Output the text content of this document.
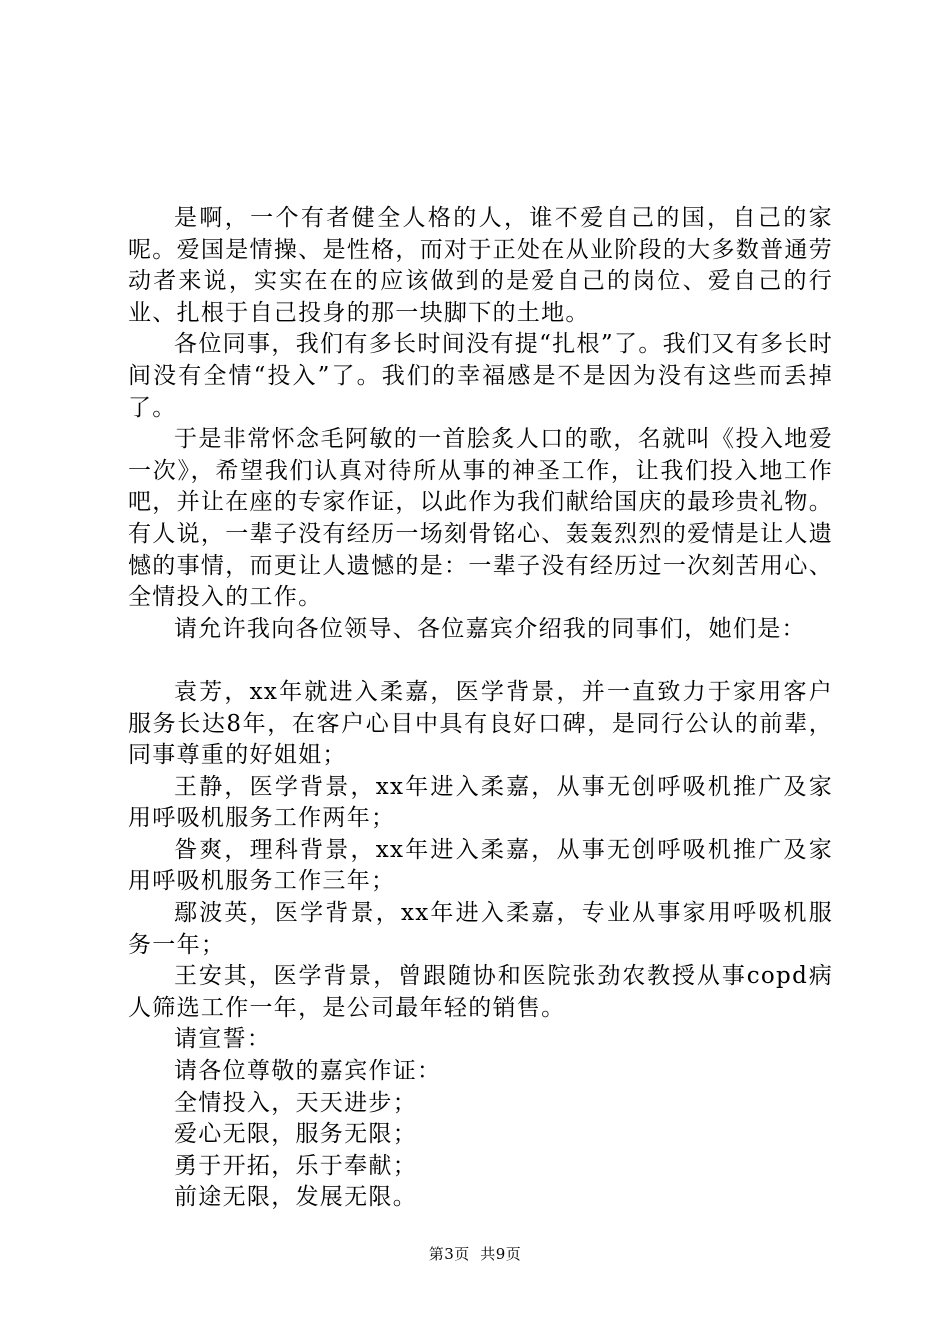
是啊，一个有者健全人格的人，谁不爱自己的国，自己的家呢。爱国是情操、是性格，而对于正处在从业阶段的大多数普通劳动者来说，实实在在的应该做到的是爱自己的岗位、爱自己的行业、扎根于自己投身的那一块脚下的土地。

各位同事，我们有多长时间没有提“扎根”了。我们又有多长时间没有全情“投入”了。我们的幸福感是不是因为没有这些而丢掉了。

于是非常怀念毛阿敏的一首脍炙人口的歌，名就叫《投入地爱一次》，希望我们认真对待所从事的神圣工作，让我们投入地工作吧，并让在座的专家作证，以此作为我们献给国庆的最珍贵礼物。有人说，一辈子没有经历一场刻骨铭心、轰轰烈烈的爱情是让人遗憾的事情，而更让人遗憾的是：一辈子没有经历过一次刻苦用心、全情投入的工作。

请允许我向各位领导、各位嘉宾介绍我的同事们，她们是：

袁芳，xx年就进入柔嘉，医学背景，并一直致力于家用客户服务长达8年，在客户心目中具有良好口碑，是同行公认的前辈，同事尊重的好姐姐；

王静，医学背景，xx年进入柔嘉，从事无创呼吸机推广及家用呼吸机服务工作两年；

昝爽，理科背景，xx年进入柔嘉，从事无创呼吸机推广及家用呼吸机服务工作三年；

鄢波英，医学背景，xx年进入柔嘉，专业从事家用呼吸机服务一年；

王安其，医学背景，曾跟随协和医院张劲农教授从事copd病人筛选工作一年，是公司最年轻的销售。

请宣誓：

请各位尊敬的嘉宾作证：

全情投入，天天进步；

爱心无限，服务无限；

勇于开拓，乐于奉献；

前途无限，发展无限。

第3页  共9页
